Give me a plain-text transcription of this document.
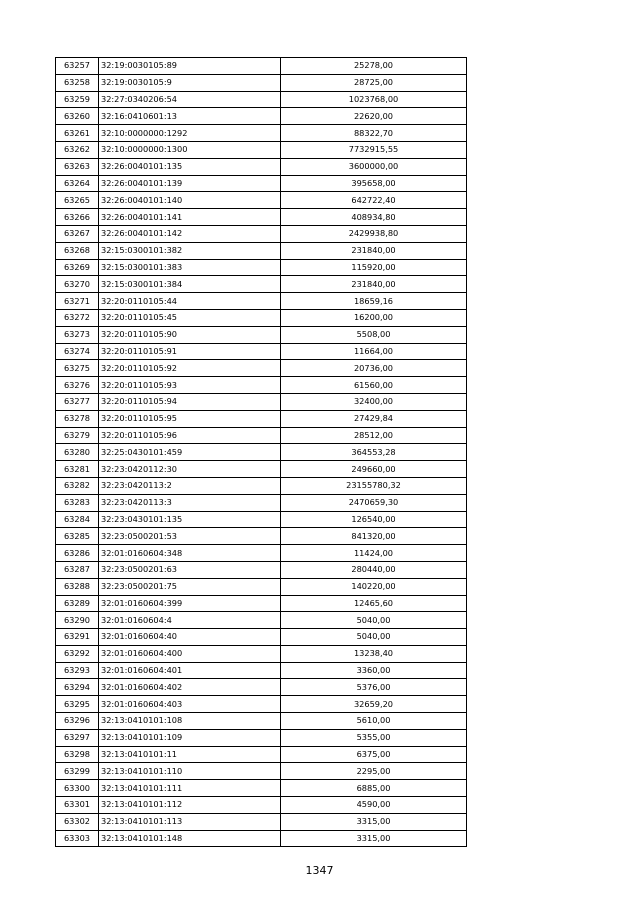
63257	32:19:0030105:89	25278,00
63258	32:19:0030105:9	28725,00
63259	32:27:0340206:54	1023768,00
63260	32:16:0410601:13	22620,00
63261	32:10:0000000:1292	88322,70
63262	32:10:0000000:1300	7732915,55
63263	32:26:0040101:135	3600000,00
63264	32:26:0040101:139	395658,00
63265	32:26:0040101:140	642722,40
63266	32:26:0040101:141	408934,80
63267	32:26:0040101:142	2429938,80
63268	32:15:0300101:382	231840,00
63269	32:15:0300101:383	115920,00
63270	32:15:0300101:384	231840,00
63271	32:20:0110105:44	18659,16
63272	32:20:0110105:45	16200,00
63273	32:20:0110105:90	5508,00
63274	32:20:0110105:91	11664,00
63275	32:20:0110105:92	20736,00
63276	32:20:0110105:93	61560,00
63277	32:20:0110105:94	32400,00
63278	32:20:0110105:95	27429,84
63279	32:20:0110105:96	28512,00
63280	32:25:0430101:459	364553,28
63281	32:23:0420112:30	249660,00
63282	32:23:0420113:2	23155780,32
63283	32:23:0420113:3	2470659,30
63284	32:23:0430101:135	126540,00
63285	32:23:0500201:53	841320,00
63286	32:01:0160604:348	11424,00
63287	32:23:0500201:63	280440,00
63288	32:23:0500201:75	140220,00
63289	32:01:0160604:399	12465,60
63290	32:01:0160604:4	5040,00
63291	32:01:0160604:40	5040,00
63292	32:01:0160604:400	13238,40
63293	32:01:0160604:401	3360,00
63294	32:01:0160604:402	5376,00
63295	32:01:0160604:403	32659,20
63296	32:13:0410101:108	5610,00
63297	32:13:0410101:109	5355,00
63298	32:13:0410101:11	6375,00
63299	32:13:0410101:110	2295,00
63300	32:13:0410101:111	6885,00
63301	32:13:0410101:112	4590,00
63302	32:13:0410101:113	3315,00
63303	32:13:0410101:148	3315,00
1347
